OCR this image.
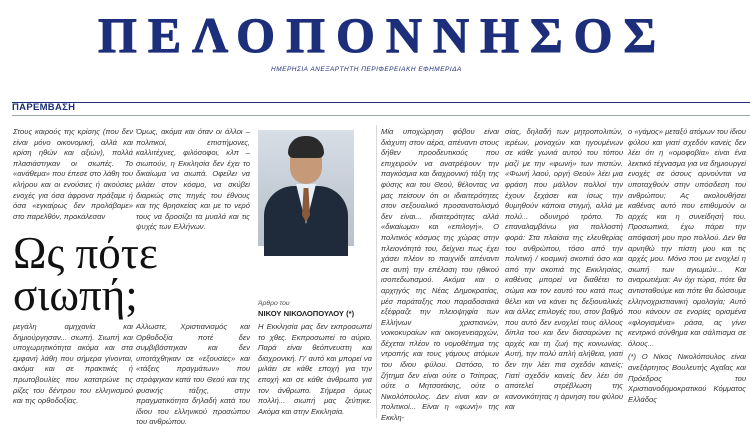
ΠΕΛΟΠΟΝΝΗΣΟΣ
ΗΜΕΡΗΣΙΑ ΑΝΕΞΑΡΤΗΤΗ ΠΕΡΙΦΕΡΕΙΑΚΗ ΕΦΗΜΕΡΙΔΑ
ΠΑΡΕΜΒΑΣΗ

Στους καιρούς της κρίσης (που δεν είναι μόνο οικονομική, αλλά και κρίση ηθών και αξιών), πολλά πλασιάστηκαν οι σιωπές. Το «ανάθεμα» που έπεσε στο λάθη του κλήρου και οι ενούσιες ή ακούσιες ενοχές για όσα άφρονα πράξαμε ή όσα «εγκαίρως δεν προλάβαμε» στο παρελθόν, προκάλεσαν

Ως πότε σιωπή;

μεγάλη αμηχανία και δημιούργησαν... σιωπή. Σιωπή και υποχωρητικότητα ακόμα και στα εμφανή λάθη που σήμερα γίνονται, ακόμα και σε πρακτικές ή πρωτοβουλίες που κατατρώνε τις ρίζες του δέντρου του ελληνισμού και της ορθοδοξίας.

Όμως, ακόμα και όταν οι άλλοι – πολιτικοί, επιστήμονες, καλλιτέχνες, φιλόσοφοι, κλπ – σιωπούν, η Εκκλησία δεν έχει το δικαίωμα να σιωπά. Οφείλει να μιλάει στον κόσμο, να σκύβει διαρκώς στις πηγές του έθνους και της θρησκείας και με το νερό τους να δροσίζει τα μυαλά και τις ψυχές των Ελλήνων.

Αλλωστε, Χριστιανισμός και Ορθοδοξία ποτέ δεν συμβιβάστηκαν και δεν υποτάχθηκαν σε «εξουσίες» και «τάξεις πραγμάτων» που στράφηκαν κατά του Θεού και της φυσικής τάξης, στην πραγματικότητα δηλαδή κατά του ίδιου του ελληνικού προσώπου του ανθρώπου.

Άρθρο του
ΝΙΚΟΥ ΝΙΚΟΛΟΠΟΥΛΟΥ (*)

Η Εκκλησία μας δεν εκπροσωπεί το χθες. Εκπροσωπεί το αύριο. Παρά είναι θεόπνευστη και διαχρονική. Γι' αυτό και μπορεί να μιλάει σε κάθε εποχή για την εποχή και σε κάθε άνθρωπο για τον άνθρωπο. Σήμερα όμως πολλή... σιωπή μας ζεύτηκε. Ακόμα και στην Εκκλησία.

Μία υποχώρηση φόβου είναι διάχυτη στον αέρα, απέναντι στους δήθεν προοδευτικούς που επιχειρούν να ανατρέψουν την παγκόσμια και διαχρονική τάξη της φύσης και του Θεού, θέλοντας να μας πείσουν ότι οι ιδιαιτερότητες στον σεξουαλικό προσανατολισμό δεν είναι... ιδιαιτερότητες αλλά «δικαίωμα» και «επιλογή». Ο πολιτικός κόσμος της χώρας στην πλειονότητά του, δείχνει πως έχει χάσει πλέον το παιχνίδι απέναντι σε αυτή την επέλαση του ηθικού ισοπεδωτισμού. Ακόμα και ο αρχηγός της Νέας Δημοκρατίας, μέσ παράταξης που παραδοσιακά εξέφραζε την πλειοψηφία των Ελλήνων χριστιανών, νοικοκυραίων και οικογενειαρχών, δέχεται πλέον το νομοθέτημα της ντροπής και τους γάμους ατόμων του ίδιου φύλου. Ωστόσο, το ζήτημα δεν είναι ούτε ο Τσίπρας, ούτε ο Μητσοτάκης, ούτε ο Νικολόπουλος. Δεν είναι καν οι πολιτικοί... Είναι η «φωνή» της Εκκλη-

σίας, δηλαδή των μητροπολιτών, ιερέων, μοναχών και ηγουμένων σε κάθε γωνιά αυτού του τόπου μαζί με την «φωνή» των πιστών. «Φωνή λαού, οργή Θεού» λέει μια φράση που μάλλον πολλοί την έχουν ξεχάσει και ίσως την θυμηθούν κάποια στιγμή, αλλά με πολύ... οδυνηρό τρόπο. Το επαναλαμβάνω για πολλοστή φορά: Στα πλαίσια της ελευθερίας του ανθρώπου, τόσο από την πολιτική / κοσμική σκοπιά όσο και από την σκοπιά της Εκκλησίας, καθένας μπορεί να διαθέτει το σώμα και τον εαυτό του κατά πως θέλει και να κάνει τις δεξιουαλικές και άλλες επιλογές του, στον βαθμό που αυτό δεν ενοχλεί τους άλλους δίπλα του και δεν διασαρώνει τις αρχές και τη ζωή της κοινωνίας. Αυτή, την πολύ απλή αλήθεια, γιατί δεν την λέει πια σχεδόν κανείς; Γιατί σχεδόν κανείς δεν λέει ότι αποτελεί στρέβλωση της κανονικότητας η άρνηση του φύλου και

ο «γάμος» μεταξύ ατόμων του ίδιου φύλου και γιατί σχεδόν κανείς δεν λέει ότι η «ομοφοβία» είναι ένα λεκτικό τέχνασμα για να δημιουργεί ενοχές σε όσους αρνούνται να υποταχθούν στην υπόσδεση του ανθρώπου; Ας ακολουθήσει καθένας αυτό που επιθυμούν οι αρχές και η συνείδησή του. Προσωπικά, έχω πάρει την απόφασή μου προ πολλού. Δεν θα αρνηθώ την πίστη μου και τις αρχές μου. Μόνο που με ενοχλεί η σιωπή των αγιωμών... Και αναρωτιέμαι: Αν όχι τώρα, πότε θα αντισταθούμε και πότε θα δώσουμε ελληνοχριστιανική ομολογία; Αυτό που κάνουν σε ενορίες ορισμένα «φλογισμένα» ράσα, ας γίνει κεντρικό σύνθημα και σάλπισμα σε όλους...

(*) Ο Νίκος Νικολόπουλος είναι ανεξάρτητος Βουλευτής Αχαΐας και Πρόεδρος του Χριστιανοδημοκρατικού Κόμματος Ελλάδος
